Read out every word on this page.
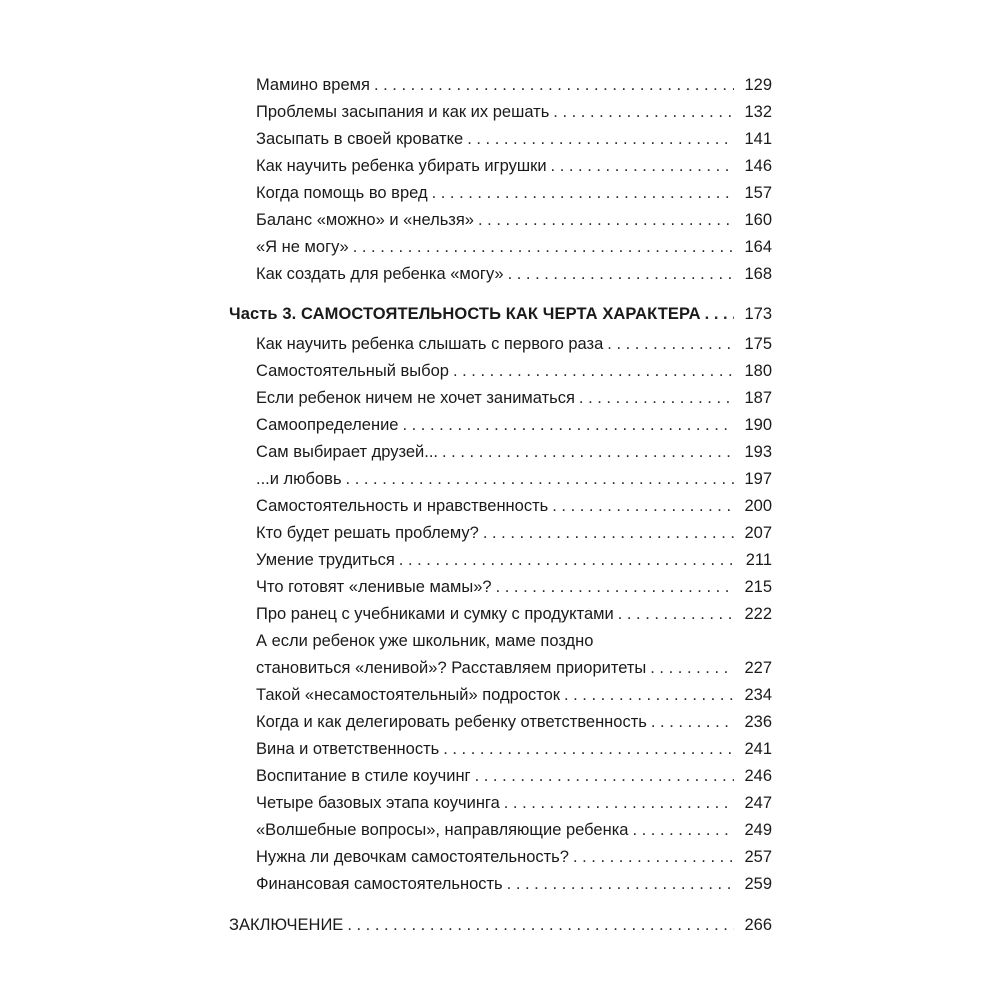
Мамино время . . .	129
Проблемы засыпания и как их решать . . .	132
Засыпать в своей кроватке . . .	141
Как научить ребенка убирать игрушки . . .	146
Когда помощь во вред . . .	157
Баланс «можно» и «нельзя» . . .	160
«Я не могу» . . .	164
Как создать для ребенка «могу» . . .	168
Часть 3. САМОСТОЯТЕЛЬНОСТЬ КАК ЧЕРТА ХАРАКТЕРА . . .	173
Как научить ребенка слышать с первого раза . . .	175
Самостоятельный выбор . . .	180
Если ребенок ничем не хочет заниматься . . .	187
Самоопределение . . .	190
Сам выбирает друзей... . . .	193
...и любовь . . .	197
Самостоятельность и нравственность . . .	200
Кто будет решать проблему? . . .	207
Умение трудиться . . .	211
Что готовят «ленивые мамы»? . . .	215
Про ранец с учебниками и сумку с продуктами . . .	222
А если ребенок уже школьник, маме поздно
становиться «ленивой»? Расставляем приоритеты . . .	227
Такой «несамостоятельный» подросток . . .	234
Когда и как делегировать ребенку ответственность . . .	236
Вина и ответственность . . .	241
Воспитание в стиле коучинг . . .	246
Четыре базовых этапа коучинга . . .	247
«Волшебные вопросы», направляющие ребенка . . .	249
Нужна ли девочкам самостоятельность? . . .	257
Финансовая самостоятельность . . .	259
ЗАКЛЮЧЕНИЕ . . .	266
